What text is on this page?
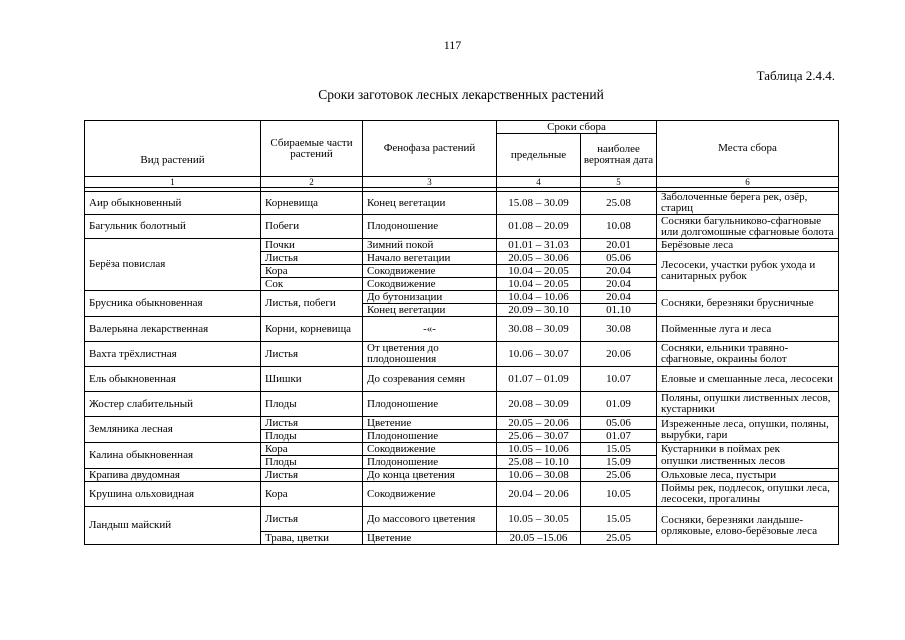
117
Таблица 2.4.4.
Сроки заготовок лесных лекарственных растений
Вид растений	Сбираемые части растений	Фенофаза растений	Сроки сбора		Места сбора
			предельные	наиболее вероятная дата	
1	2	3	4	5	6

Аир обыкновенный	Корневища	Конец вегетации	15.08 – 30.09	25.08	Заболоченные берега рек, озёр, стариц
Багульник болотный	Побеги	Плодоношение	01.08 – 20.09	10.08	Сосняки багульниково-сфагновые или долгомошные сфагновые болота
Берёза повислая	Почки	Зимний покой	01.01 – 31.03	20.01	Берёзовые леса
	Листья	Начало вегетации	20.05 – 30.06	05.06	Лесосеки, участки рубок ухода и санитарных рубок
	Кора	Сокодвижение	10.04 – 20.05	20.04	
	Сок	Сокодвижение	10.04 – 20.05	20.04	
Брусника обыкновенная	Листья, побеги	До бутонизации	10.04 – 10.06	20.04	Сосняки, березняки брусничные
		Конец вегетации	20.09 – 30.10	01.10	
Валерьяна лекарственная	Корни, корневища	-«-	30.08 – 30.09	30.08	Пойменные луга и леса
Вахта трёхлистная	Листья	От цветения до плодоношения	10.06 – 30.07	20.06	Сосняки, ельники травяно-сфагновые, окраины болот
Ель обыкновенная	Шишки	До созревания семян	01.07 – 01.09	10.07	Еловые и смешанные леса, лесосеки
Жостер слабительный	Плоды	Плодоношение	20.08 – 30.09	01.09	Поляны, опушки лиственных лесов, кустарники
Земляника лесная	Листья	Цветение	20.05 – 20.06	05.06	Изреженные леса, опушки, поляны, вырубки, гари
	Плоды	Плодоношение	25.06 – 30.07	01.07	
Калина обыкновенная	Кора	Сокодвижение	10.05 – 10.06	15.05	Кустарники в поймах рек
	Плоды	Плодоношение	25.08 – 10.10	15.09	опушки лиственных лесов
Крапива двудомная	Листья	До конца цветения	10.06 – 30.08	25.06	Ольховые леса, пустыри
Крушина ольховидная	Кора	Сокодвижение	20.04 – 20.06	10.05	Поймы рек, подлесок, опушки леса, лесосеки, прогалины
Ландыш майский	Листья	До массового цветения	10.05 – 30.05	15.05	Сосняки, березняки ландыше-орляковые, елово-берёзовые леса
	Трава, цветки	Цветение	20.05 –15.06	25.05	
